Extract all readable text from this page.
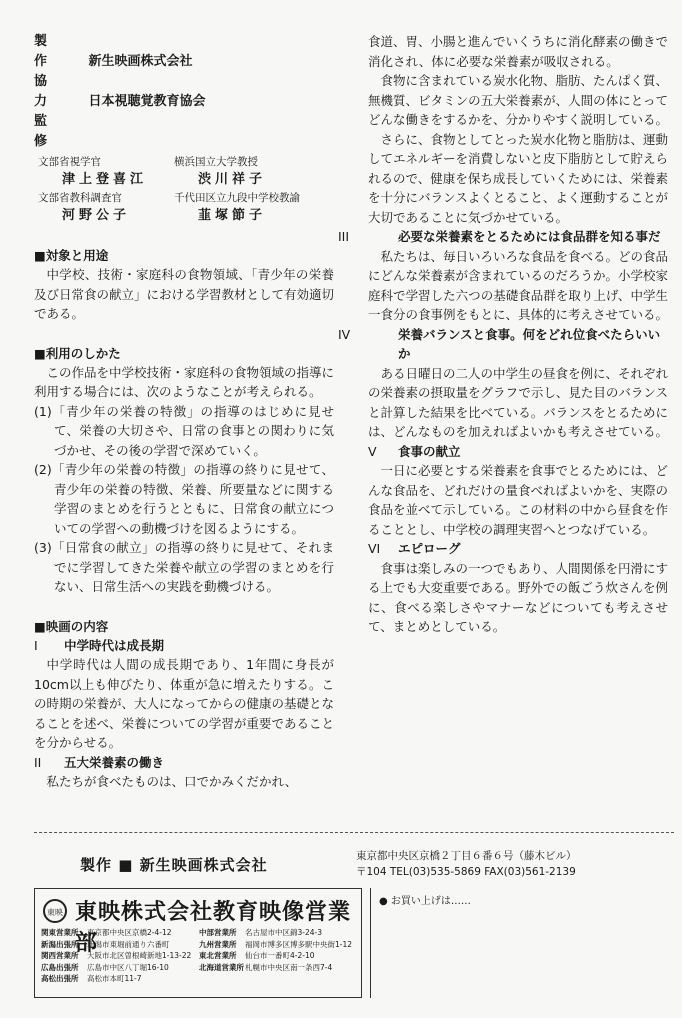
製　作	新生映画株式会社
協　力	日本視聴覚教育協会
監　修
文部省視学官	横浜国立大学教授
津上登喜江	渋川祥子
文部省教科調査官	千代田区立九段中学校教諭
河野公子	韮塚節子
■対象と用途

中学校、技術・家庭科の食物領域、「青少年の栄養及び日常食の献立」における学習教材として有効適切である。

■利用のしかた

この作品を中学校技術・家庭科の食物領域の指導に利用する場合には、次のようなことが考えられる。

(1)「青少年の栄養の特徴」の指導のはじめに見せて、栄養の大切さや、日常の食事との関わりに気づかせ、その後の学習で深めていく。
(2)「青少年の栄養の特徴」の指導の終りに見せて、青少年の栄養の特徴、栄養、所要量などに関する学習のまとめを行うとともに、日常食の献立についての学習への動機づけを図るようにする。
(3)「日常食の献立」の指導の終りに見せて、それまでに学習してきた栄養や献立の学習のまとめを行ない、日常生活への実践を動機づける。
■映画の内容
I 中学時代は成長期

中学時代は人間の成長期であり、1年間に身長が10cm以上も伸びたり、体重が急に増えたりする。この時期の栄養が、大人になってからの健康の基礎となることを述べ、栄養についての学習が重要であることを分からせる。

II 五大栄養素の働き

私たちが食べたものは、口でかみくだかれ、

食道、胃、小腸と進んでいくうちに消化酵素の働きで消化され、体に必要な栄養素が吸収される。

食物に含まれている炭水化物、脂肪、たんぱく質、無機質、ビタミンの五大栄養素が、人間の体にとってどんな働きをするかを、分かりやすく説明している。

さらに、食物としてとった炭水化物と脂肪は、運動してエネルギーを消費しないと皮下脂肪として貯えられるので、健康を保ち成長していくためには、栄養素を十分にバランスよくとること、よく運動することが大切であることに気づかせている。

III	必要な栄養素をとるためには食品群を知る事だ

私たちは、毎日いろいろな食品を食べる。どの食品にどんな栄養素が含まれているのだろうか。小学校家庭科で学習した六つの基礎食品群を取り上げ、中学生一食分の食事例をもとに、具体的に考えさせている。

IV	栄養バランスと食事。何をどれ位食べたらいいか

ある日曜日の二人の中学生の昼食を例に、それぞれの栄養素の摂取量をグラフで示し、見た目のバランスと計算した結果を比べている。バランスをとるためには、どんなものを加えればよいかも考えさせている。

V 食事の献立

一日に必要とする栄養素を食事でとるためには、どんな食品を、どれだけの量食べればよいかを、実際の食品を並べて示している。この材料の中から昼食を作ることとし、中学校の調理実習へとつなげている。

VI エピローグ

食事は楽しみの一つでもあり、人間関係を円滑にする上でも大変重要である。野外での飯ごう炊さんを例に、食べる楽しさやマナーなどについても考えさせて、まとめとしている。

製作 ■ 新生映画株式会社	東京都中央区京橋２丁目６番６号（藤木ビル）
〒104 TEL(03)535-5869 FAX(03)561-2139
東映 東映株式会社教育映像営業部
関東営業所 東京都中央区京橋2-4-12	中部営業所 名古屋市中区錦3-24-3
新潟出張所 新潟市東堀前通り六番町	九州営業所 福岡市博多区博多駅中央街1-12
関西営業所 大阪市北区曽根崎新地1-13-22	東北営業所 仙台市一番町4-2-10
広島出張所 広島市中区八丁堀16-10	北海道営業所札幌市中央区南一条西7-4
高松出張所 高松市本町11-7
● お買い上げは……
